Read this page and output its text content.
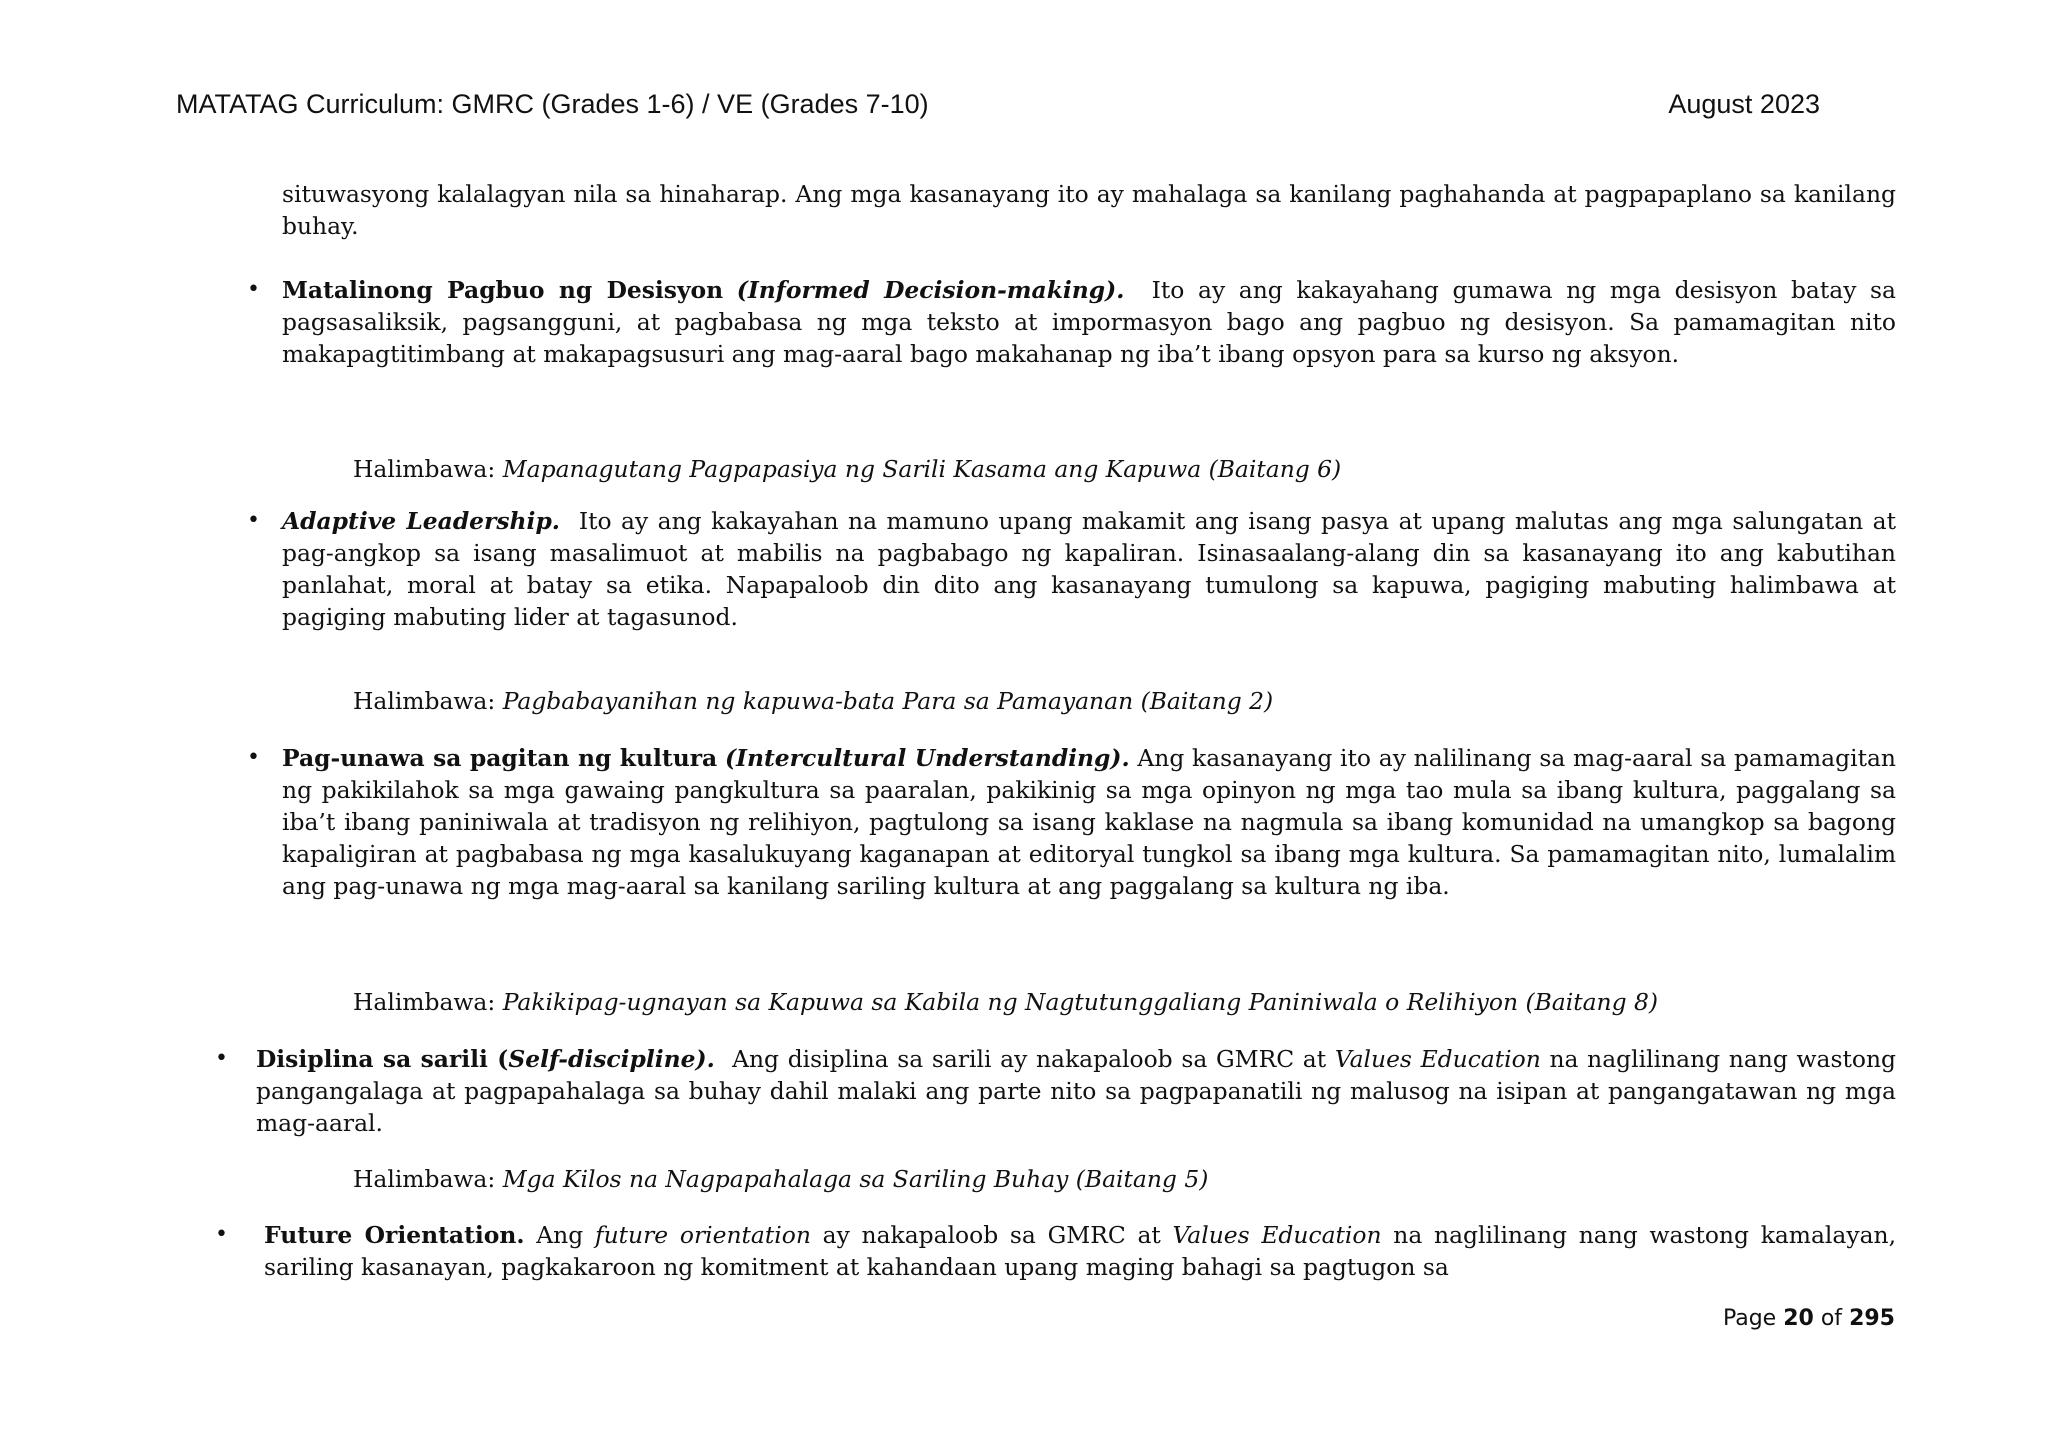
MATATAG Curriculum: GMRC (Grades 1-6) / VE (Grades 7-10)	August 2023
situwasyong kalalagyan nila sa hinaharap. Ang mga kasanayang ito ay mahalaga sa kanilang paghahanda at pagpapaplano sa kanilang buhay.
• Matalinong Pagbuo ng Desisyon (Informed Decision-making). Ito ay ang kakayahang gumawa ng mga desisyon batay sa pagsasaliksik, pagsangguni, at pagbabasa ng mga teksto at impormasyon bago ang pagbuo ng desisyon. Sa pamamagitan nito makapagtitimbang at makapagsusuri ang mag-aaral bago makahanap ng iba’t ibang opsyon para sa kurso ng aksyon.
Halimbawa: Mapanagutang Pagpapasiya ng Sarili Kasama ang Kapuwa (Baitang 6)
• Adaptive Leadership. Ito ay ang kakayahan na mamuno upang makamit ang isang pasya at upang malutas ang mga salungatan at pag-angkop sa isang masalimuot at mabilis na pagbabago ng kapaliran. Isinasaalang-alang din sa kasanayang ito ang kabutihan panlahat, moral at batay sa etika. Napapaloob din dito ang kasanayang tumulong sa kapuwa, pagiging mabuting halimbawa at pagiging mabuting lider at tagasunod.
Halimbawa: Pagbabayanihan ng kapuwa-bata Para sa Pamayanan (Baitang 2)
• Pag-unawa sa pagitan ng kultura (Intercultural Understanding). Ang kasanayang ito ay nalilinang sa mag-aaral sa pamamagitan ng pakikilahok sa mga gawaing pangkultura sa paaralan, pakikinig sa mga opinyon ng mga tao mula sa ibang kultura, paggalang sa iba’t ibang paniniwala at tradisyon ng relihiyon, pagtulong sa isang kaklase na nagmula sa ibang komunidad na umangkop sa bagong kapaligiran at pagbabasa ng mga kasalukuyang kaganapan at editoryal tungkol sa ibang mga kultura. Sa pamamagitan nito, lumalalim ang pag-unawa ng mga mag-aaral sa kanilang sariling kultura at ang paggalang sa kultura ng iba.
Halimbawa: Pakikipag-ugnayan sa Kapuwa sa Kabila ng Nagtutunggaliang Paniniwala o Relihiyon (Baitang 8)
• Disiplina sa sarili (Self-discipline). Ang disiplina sa sarili ay nakapaloob sa GMRC at Values Education na naglilinang nang wastong pangangalaga at pagpapahalaga sa buhay dahil malaki ang parte nito sa pagpapanatili ng malusog na isipan at pangangatawan ng mga mag-aaral.
Halimbawa: Mga Kilos na Nagpapahalaga sa Sariling Buhay (Baitang 5)
• Future Orientation. Ang future orientation ay nakapaloob sa GMRC at Values Education na naglilinang nang wastong kamalayan, sariling kasanayan, pagkakaroon ng komitment at kahandaan upang maging bahagi sa pagtugon sa
Page 20 of 295
